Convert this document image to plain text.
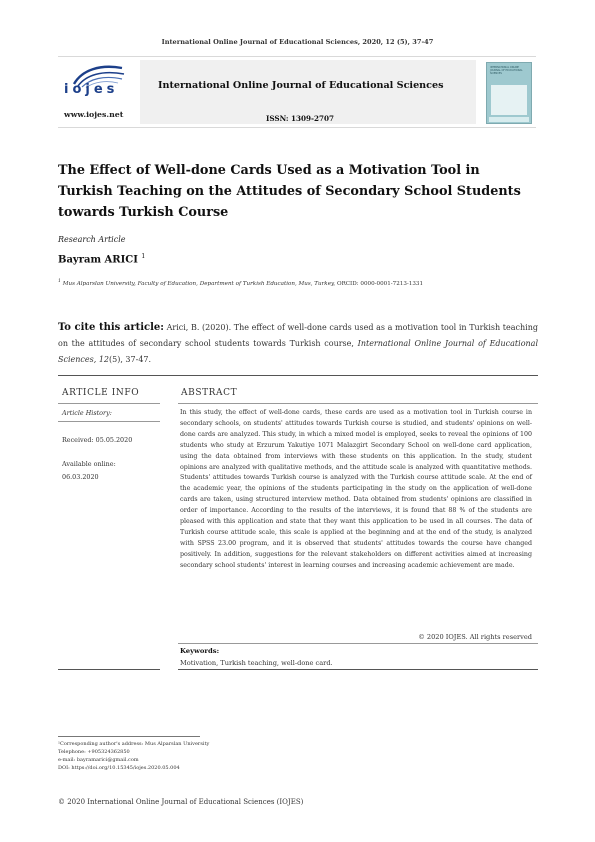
International Online Journal of Educational Sciences, 2020, 12 (5), 37-47
iojes
www.iojes.net
International Online Journal of Educational Sciences
ISSN: 1309-2707
INTERNATIONAL ONLINE JOURNAL OF EDUCATIONAL SCIENCES
The Effect of Well-done Cards Used as a Motivation Tool in Turkish Teaching on the Attitudes of Secondary School Students towards Turkish Course
Research Article
Bayram ARICI $^1$
$^1$ Mus Alparslan University, Faculty of Education, Department of Turkish Education, Mus, Turkey, ORCID: 0000-0001-7213-1331
To cite this article: Arici, B. (2020). The effect of well-done cards used as a motivation tool in Turkish teaching on the attitudes of secondary school students towards Turkish course, International Online Journal of Educational Sciences, 12(5), 37-47.
ARTICLE INFO	ABSTRACT
Article History:
Received: 05.05.2020
Available online:
06.03.2020
In this study, the effect of well-done cards, these cards are used as a motivation tool in Turkish course in secondary schools, on students' attitudes towards Turkish course is studied, and students' opinions on well-done cards are analyzed. This study, in which a mixed model is employed, seeks to reveal the opinions of 100 students who study at Erzurum Yakutiye 1071 Malazgirt Secondary School on well-done card application, using the data obtained from interviews with these students on this application. In the study, student opinions are analyzed with qualitative methods, and the attitude scale is analyzed with quantitative methods. Students' attitudes towards Turkish course is analyzed with the Turkish course attitude scale. At the end of the academic year, the opinions of the students participating in the study on the application of well-done cards are taken, using structured interview method. Data obtained from students' opinions are classified in order of importance. According to the results of the interviews, it is found that 88 % of the students are pleased with this application and state that they want this application to be used in all courses. The data of Turkish course attitude scale, this scale is applied at the beginning and at the end of the study, is analyzed with SPSS 23.00 program, and it is observed that students' attitudes towards the course have changed positively. In addition, suggestions for the relevant stakeholders on different activities aimed at increasing secondary school students' interest in learning courses and increasing academic achievement are made.
© 2020 IOJES. All rights reserved
Keywords:
Motivation, Turkish teaching, well-done card.
¹Corresponding author's address: Mus Alparslan University
Telephone: +905324362850
e-mail: bayramarici@gmail.com
DOI: https://doi.org/10.15345/iojes.2020.05.004
© 2020 International Online Journal of Educational Sciences (IOJES)
